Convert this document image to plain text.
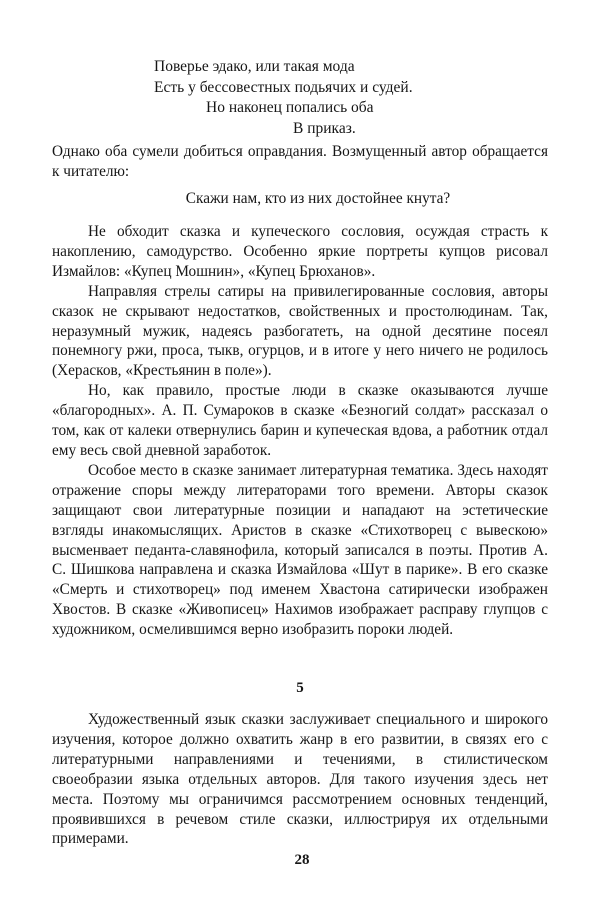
Поверье эдако, или такая мода
Есть у бессовестных подьячих и судей.
Но наконец попались оба
В приказ.

Однако оба сумели добиться оправдания. Возмущенный автор обращается к читателю:

Скажи нам, кто из них достойнее кнута?

Не обходит сказка и купеческого сословия, осуждая страсть к накоплению, самодурство. Особенно яркие портреты купцов рисовал Измайлов: «Купец Мошнин», «Купец Брюханов».

Направляя стрелы сатиры на привилегированные сословия, авторы сказок не скрывают недостатков, свойственных и простолюдинам. Так, неразумный мужик, надеясь разбогатеть, на одной десятине посеял понемногу ржи, проса, тыкв, огурцов, и в итоге у него ничего не родилось (Херасков, «Крестьянин в поле»).

Но, как правило, простые люди в сказке оказываются лучше «благородных». А. П. Сумароков в сказке «Безногий солдат» рассказал о том, как от калеки отвернулись барин и купеческая вдова, а работник отдал ему весь свой дневной заработок.

Особое место в сказке занимает литературная тематика. Здесь находят отражение споры между литераторами того времени. Авторы сказок защищают свои литературные позиции и нападают на эстетические взгляды инакомыслящих. Аристов в сказке «Стихотворец с вывескою» высменвает педанта-славянофила, который записался в поэты. Против А. С. Шишкова направлена и сказка Измайлова «Шут в парике». В его сказке «Смерть и стихотворец» под именем Хвастона сатирически изображен Хвостов. В сказке «Живописец» Нахимов изображает расправу глупцов с художником, осмелившимся верно изобразить пороки людей.

5

Художественный язык сказки заслуживает специального и широкого изучения, которое должно охватить жанр в его развитии, в связях его с литературными направлениями и течениями, в стилистическом своеобразии языка отдельных авторов. Для такого изучения здесь нет места. Поэтому мы ограничимся рассмотрением основных тенденций, проявившихся в речевом стиле сказки, иллюстрируя их отдельными примерами.

28
